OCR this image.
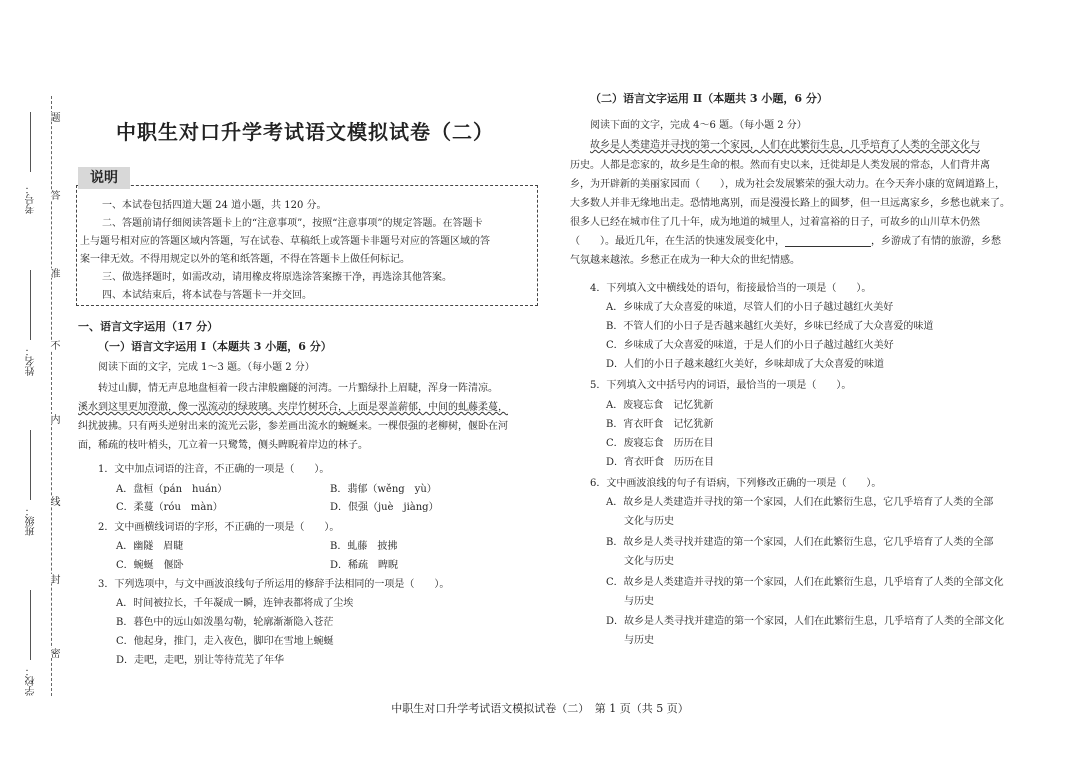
题
答
准
不
内
线
封
密
考号：
姓名：
班级：
学校：
中职生对口升学考试语文模拟试卷（二）
说明
一、本试卷包括四道大题 24 道小题，共 120 分。
二、答题前请仔细阅读答题卡上的“注意事项”，按照“注意事项”的规定答题。在答题卡
上与题号相对应的答题区域内答题，写在试卷、草稿纸上或答题卡非题号对应的答题区域的答
案一律无效。不得用规定以外的笔和纸答题，不得在答题卡上做任何标记。
三、做选择题时，如需改动，请用橡皮将原选涂答案擦干净，再选涂其他答案。
四、本试结束后，将本试卷与答题卡一并交回。
一、语言文字运用（17 分）
（一）语言文字运用 Ⅰ（本题共 3 小题，6 分）
阅读下面的文字，完成 1～3 题。（每小题 2 分）
转过山脚，情无声息地盘桓着一段古津般幽隧的河湾。一片黯绿扑上眉睫，浑身一阵清凉。
溪水到这里更加澄澈，像一泓流动的绿玻璃。夹岸竹树环合，上面是翠盖薪郁，中间的虬藤柔蔓，
纠扰披拂。只有两头逆射出来的流光云影，参差画出流水的蜿蜒来。一棵佷强的老柳树，偃卧在河
面，稀疏的枝叶梢头，兀立着一只鹭鸶，侧头睥睨着岸边的林子。
1．文中加点词语的注音，不正确的一项是（　　）。
A．盘桓（pán　huán）	B．翡郁（wěng　yù）
C．柔蔓（róu　màn）	D．佷强（juè　jiàng）
2．文中画横线词语的字形，不正确的一项是（　　）。
A．幽隧　眉睫	B．虬藤　披拂
C．蜿蜒　偃卧	D．稀疏　睥睨
3．下列选项中，与文中画波浪线句子所运用的修辞手法相同的一项是（　　）。
A．时间被拉长，千年凝成一瞬，连钟表都将成了尘埃
B．暮色中的远山如泼墨勾勒，轮廓渐渐隐入苍茫
C．他起身，推门，走入夜色，脚印在雪地上蜿蜒
D．走吧，走吧，别让等待荒芜了年华
（二）语言文字运用 Ⅱ（本题共 3 小题，6 分）
阅读下面的文字，完成 4～6 题。（每小题 2 分）
故乡是人类建造并寻找的第一个家园，人们在此繁衍生息，几乎培育了人类的全部文化与
历史。人都是恋家的，故乡是生命的根。然而有史以来，迁徙却是人类发展的常态，人们背井离
乡，为开辟新的美丽家园而（　　），成为社会发展繁荣的强大动力。在今天奔小康的宽阔道路上，
大多数人并非无缘地出走。恐情地离别，而是漫漫长路上的圆梦，但一旦远离家乡，乡愁也就来了。
很多人已经在城市住了几十年，成为地道的城里人，过着富裕的日子，可故乡的山川草木仍然
（　　）。最近几年，在生活的快速发展变化中，	，乡游成了有情的旅游，乡愁
气氛越来越浓。乡愁正在成为一种大众的世纪情感。
4．下列填入文中横线处的语句，衔接最恰当的一项是（　　）。
A．乡味成了大众喜爱的味道，尽管人们的小日子越过越红火美好
B．不管人们的小日子是否越来越红火美好，乡味已经成了大众喜爱的味道
C．乡味成了大众喜爱的味道，于是人们的小日子越过越红火美好
D．人们的小日子越来越红火美好，乡味却成了大众喜爱的味道
5．下列填入文中括号内的词语，最恰当的一项是（　　）。
A．废寝忘食　记忆犹新
B．宵衣旰食　记忆犹新
C．废寝忘食　历历在目
D．宵衣旰食　历历在目
6．文中画波浪线的句子有语病，下列修改正确的一项是（　　）。
A．故乡是人类建造并寻找的第一个家园，人们在此繁衍生息，它几乎培育了人类的全部
文化与历史
B．故乡是人类寻找并建造的第一个家园，人们在此繁衍生息，它几乎培育了人类的全部
文化与历史
C．故乡是人类建造并寻找的第一个家园，人们在此繁衍生息，几乎培育了人类的全部文化
与历史
D．故乡是人类寻找并建造的第一个家园，人们在此繁衍生息，几乎培育了人类的全部文化
与历史
中职生对口升学考试语文模拟试卷（二）　第 1 页（共 5 页）
